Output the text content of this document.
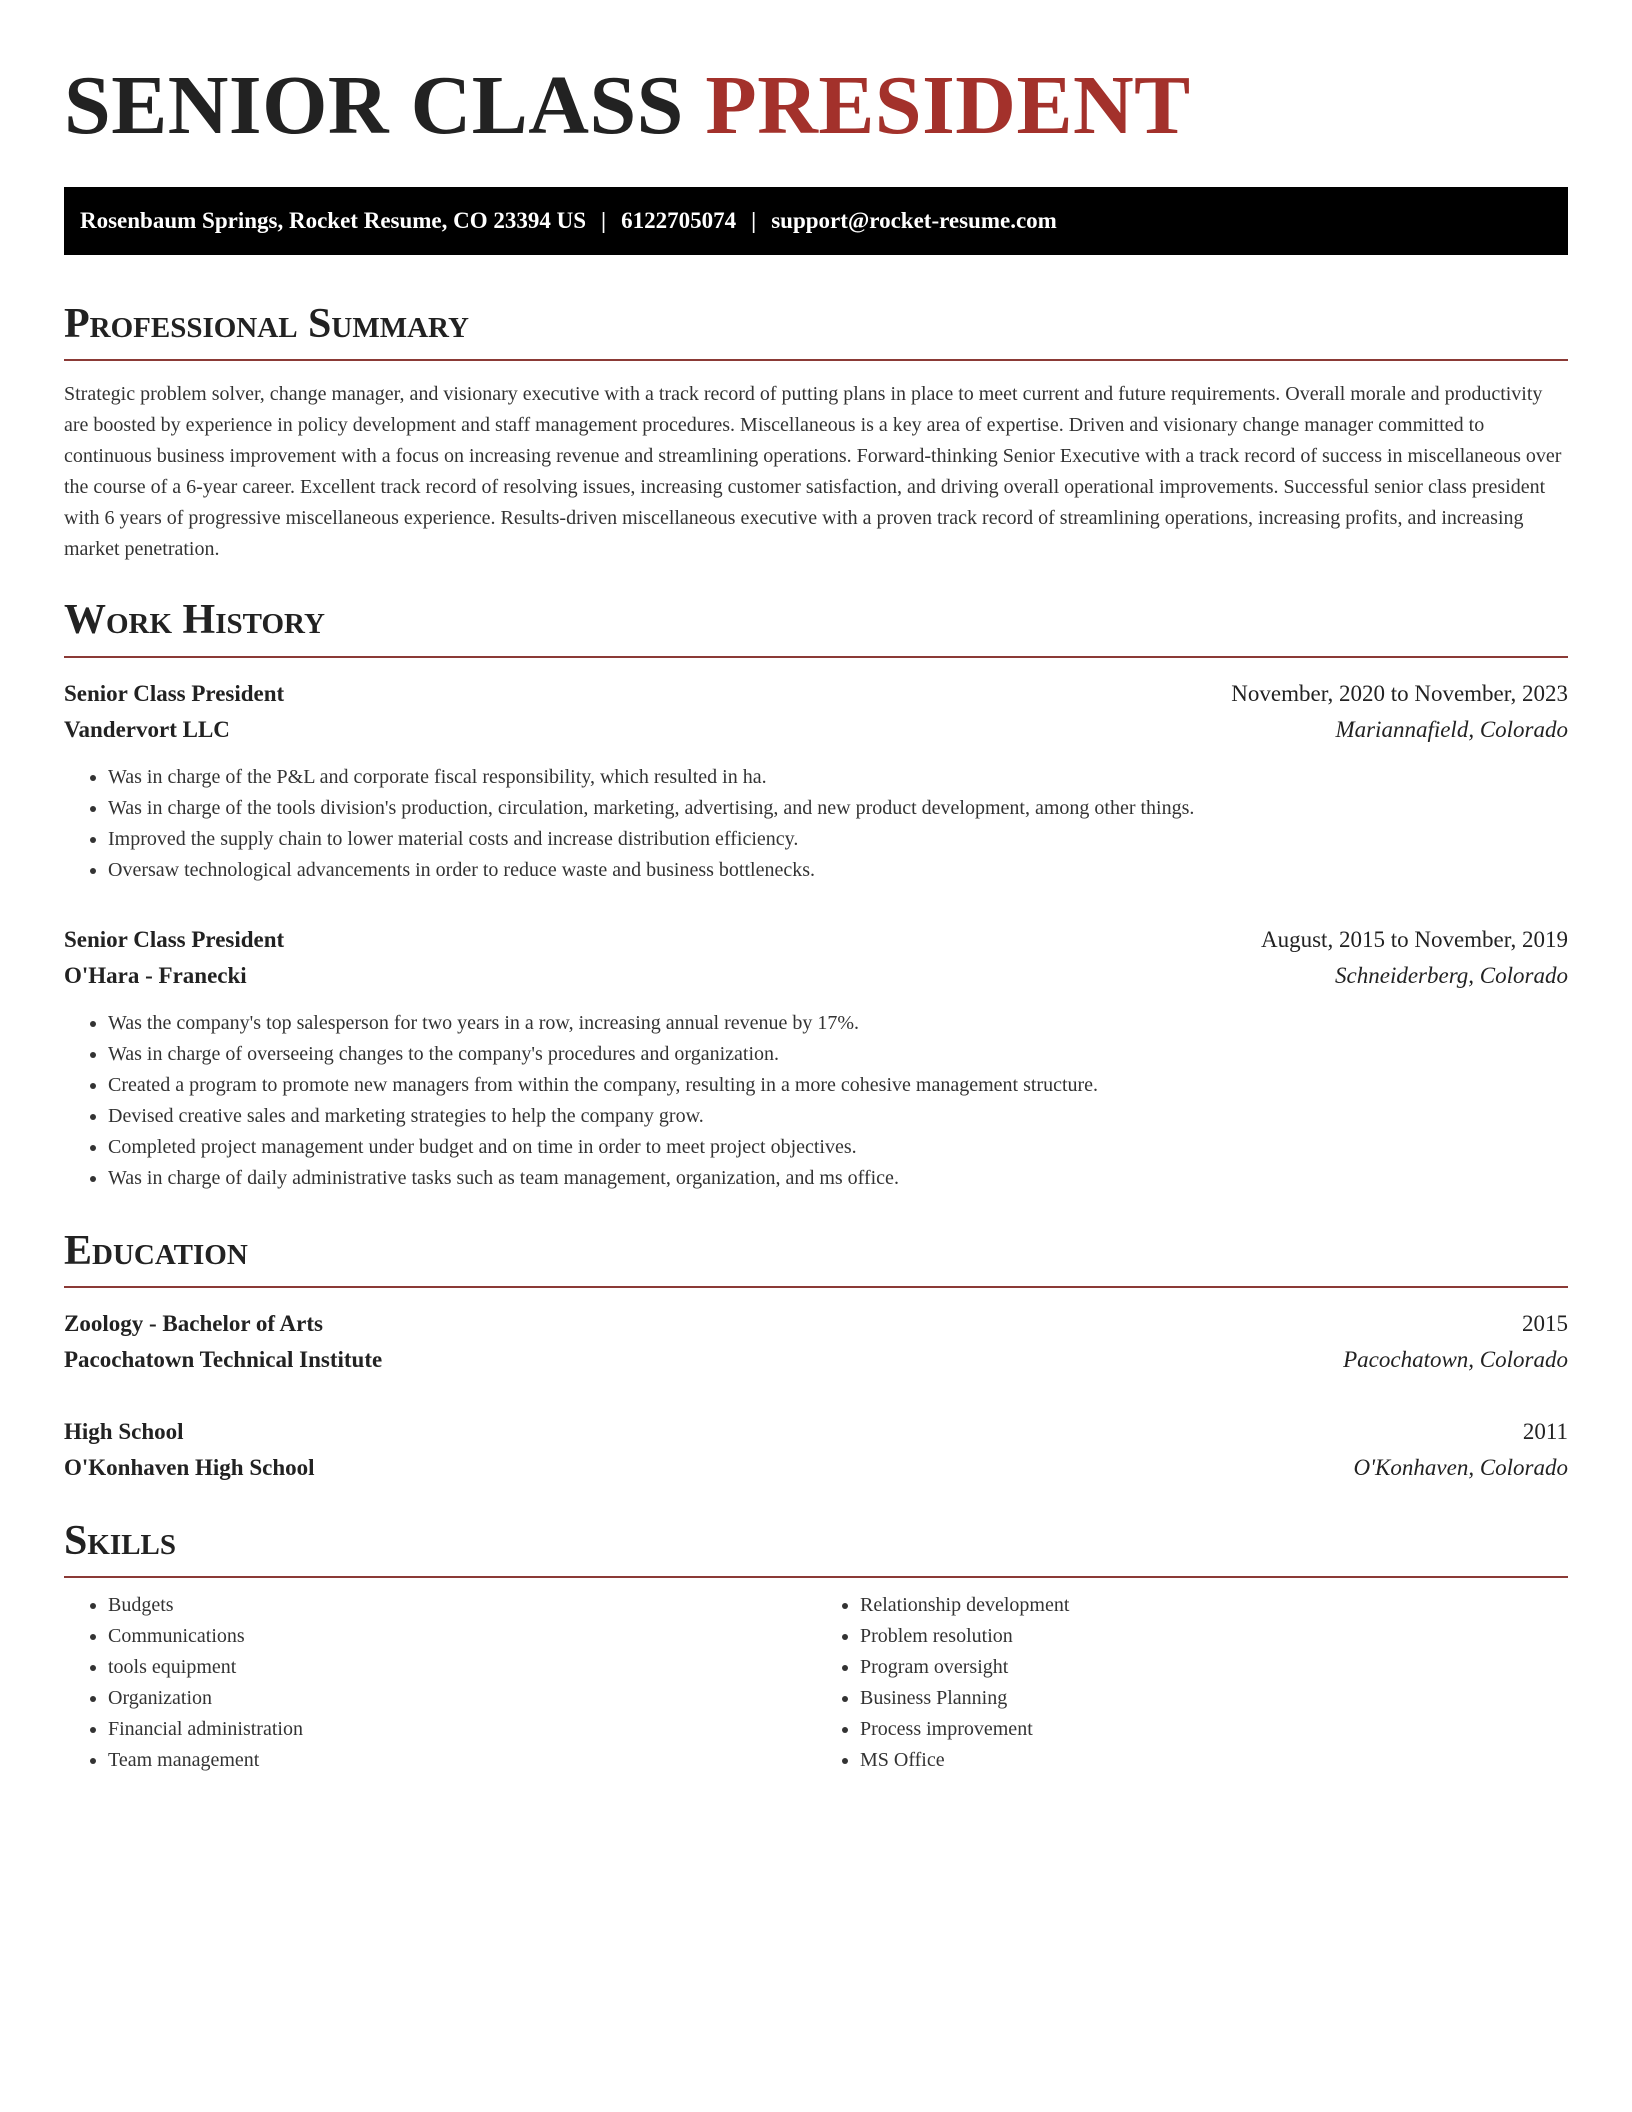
SENIOR CLASS PRESIDENT
Rosenbaum Springs, Rocket Resume, CO 23394 US | 6122705074 | support@rocket-resume.com
Professional Summary

Strategic problem solver, change manager, and visionary executive with a track record of putting plans in place to meet current and future requirements. Overall morale and productivity are boosted by experience in policy development and staff management procedures. Miscellaneous is a key area of expertise. Driven and visionary change manager committed to continuous business improvement with a focus on increasing revenue and streamlining operations. Forward-thinking Senior Executive with a track record of success in miscellaneous over the course of a 6-year career. Excellent track record of resolving issues, increasing customer satisfaction, and driving overall operational improvements. Successful senior class president with 6 years of progressive miscellaneous experience. Results-driven miscellaneous executive with a proven track record of streamlining operations, increasing profits, and increasing market penetration.

Work History
Senior Class President	November, 2020 to November, 2023
Vandervort LLC	Mariannafield, Colorado
• Was in charge of the P&L and corporate fiscal responsibility, which resulted in ha.
• Was in charge of the tools division's production, circulation, marketing, advertising, and new product development, among other things.
• Improved the supply chain to lower material costs and increase distribution efficiency.
• Oversaw technological advancements in order to reduce waste and business bottlenecks.
Senior Class President	August, 2015 to November, 2019
O'Hara - Franecki	Schneiderberg, Colorado
• Was the company's top salesperson for two years in a row, increasing annual revenue by 17%.
• Was in charge of overseeing changes to the company's procedures and organization.
• Created a program to promote new managers from within the company, resulting in a more cohesive management structure.
• Devised creative sales and marketing strategies to help the company grow.
• Completed project management under budget and on time in order to meet project objectives.
• Was in charge of daily administrative tasks such as team management, organization, and ms office.
Education
Zoology - Bachelor of Arts	2015
Pacochatown Technical Institute	Pacochatown, Colorado
High School	2011
O'Konhaven High School	O'Konhaven, Colorado
Skills
• Budgets
• Communications
• tools equipment
• Organization
• Financial administration
• Team management
• Relationship development
• Problem resolution
• Program oversight
• Business Planning
• Process improvement
• MS Office
